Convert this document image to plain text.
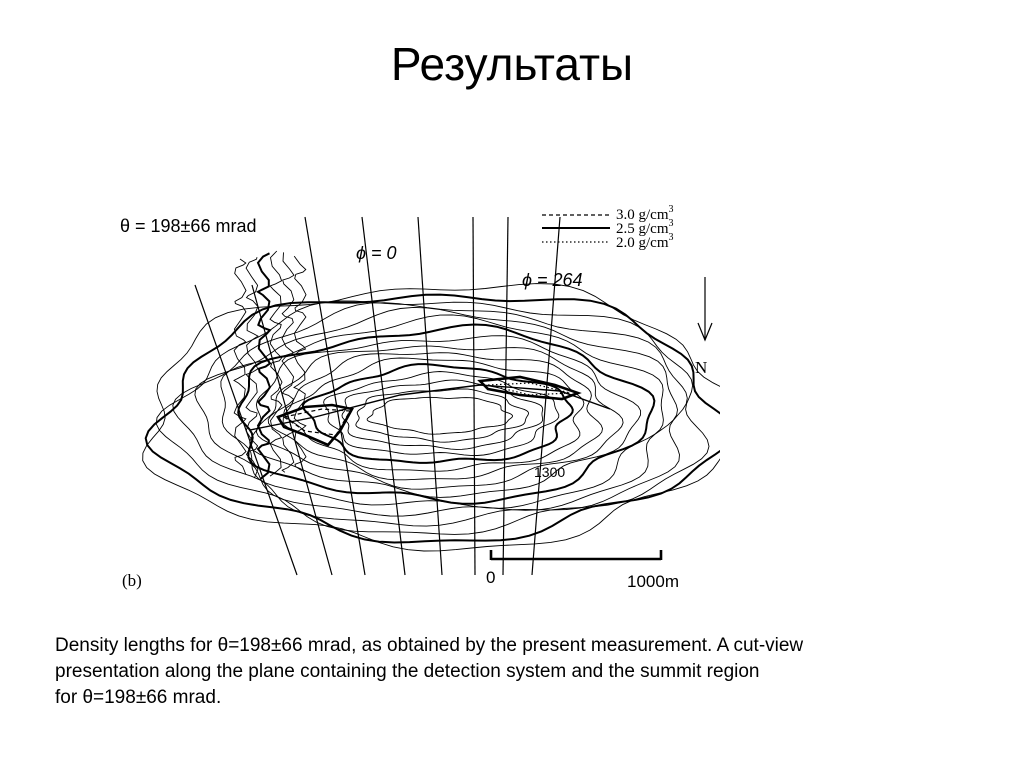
Результаты
θ = 198±66 mrad
ϕ = 0
ϕ = 264
3.0 $g/cm^3$
2.5 $g/cm^3$
2.0 $g/cm^3$
N
1300
0	1000m
(b)
Density lengths for θ=198±66 mrad, as obtained by the present measurement. A cut-view
presentation along the plane containing the detection system and the summit region
for θ=198±66 mrad.
